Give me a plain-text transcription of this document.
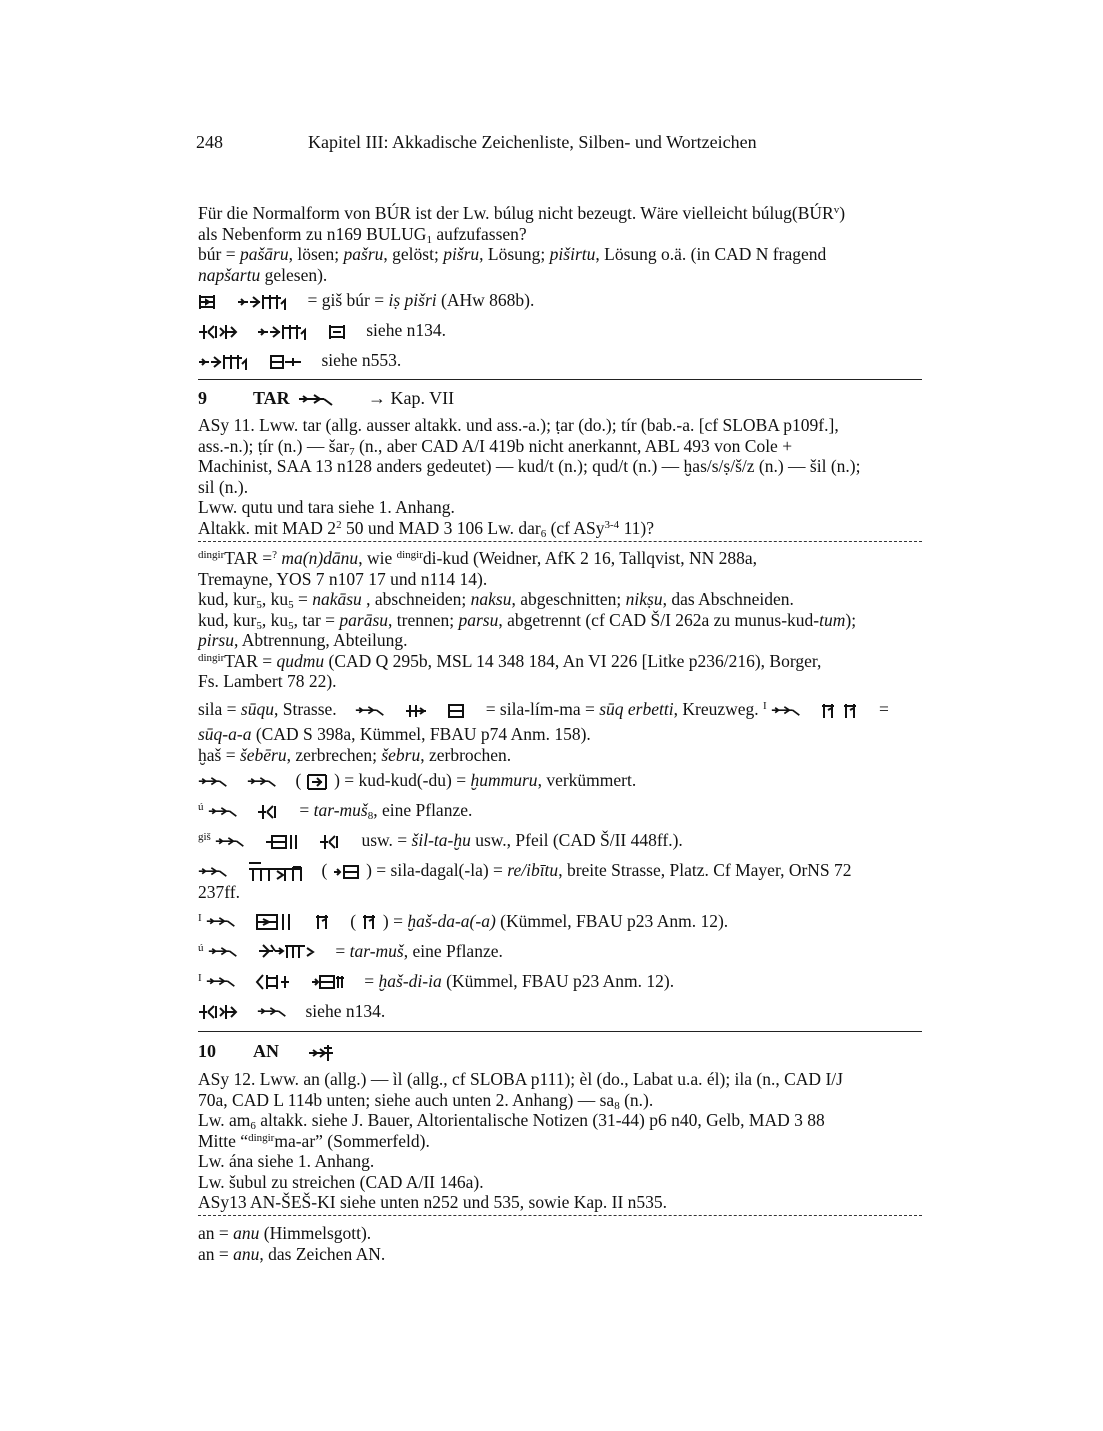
248	Kapitel III: Akkadische Zeichenliste, Silben- und Wortzeichen
Für die Normalform von BÚR ist der Lw. búlug nicht bezeugt. Wäre vielleicht búlug(BÚR$^v$)
als Nebenform zu n169 $BULUG_1$ aufzufassen?
búr = pašāru, lösen; pašru, gelöst; pišru, Lösung; piširtu, Lösung o.ä. (in CAD N fragend
napšartu gelesen).

= giš búr = iṣ pišri (AHw 868b).

siehe n134.

siehe n553.
9	TAR	→ Kap. VII
ASy 11. Lww. tar (allg. ausser altakk. und ass.-a.); ṭar (do.); tír (bab.-a. [cf SLOBA p109f.],
ass.-n.); ṭír (n.) — šar$_7$ (n., aber CAD A/I 419b nicht anerkannt, ABL 493 von Cole +
Machinist, SAA 13 n128 anders gedeutet) — kud/t (n.); qud/t (n.) — ḫas/s/ṣ/š/z (n.) — šil (n.);
sil (n.).
Lww. qutu und tara siehe 1. Anhang.
Altakk. mit MAD $2^2$ 50 und MAD 3 106 Lw. dar$_6$ (cf ASy$^{3-4}$ 11)?
$^{dingir}$TAR =? ma(n)dānu, wie $^{dingir}$di-kud (Weidner, AfK 2 16, Tallqvist, NN 288a,
Tremayne, YOS 7 n107 17 und n114 14).
kud, kur$_5$, $ku_5$ = nakāsu , abschneiden; naksu, abgeschnitten; nikṣu, das Abschneiden.
kud, kur$_5$, $ku_5$, tar = parāsu, trennen; parsu, abgetrennt (cf CAD Š/I 262a zu munus-kud-tum);
pirsu, Abtrennung, Abteilung.
$^{dingir}$TAR = qudmu (CAD Q 295b, MSL 14 348 184, An VI 226 [Litke p236/216), Borger,
Fs. Lambert 78 22).
sila = sūqu, Strasse.

	= sila-lím-ma = sūq erbetti, Kreuzweg. $^I$

	=
sūq-a-a (CAD S 398a, Kümmel, FBAU p74 Anm. 158).
ḫaš = šebēru, zerbrechen; šebru, zerbrochen.

( ) = kud-kud(-du) = ḫummuru, verkümmert.
$^ú$
	= tar-muš$_8$, eine Pflanze.
$^{giš}$

	usw. = šil-ta-ḫu usw., Pfeil (CAD Š/II 448ff.).

( ) = sila-dagal(-la) = re/ibītu, breite Strasse, Platz. Cf Mayer, OrNS 72
237ff.
$^I$

	( ) = ḫaš-da-a(-a) (Kümmel, FBAU p23 Anm. 12).
$^ú$
	= tar-muš, eine Pflanze.
$^I$

	= ḫaš-di-ia (Kümmel, FBAU p23 Anm. 12).

siehe n134.
10 AN
ASy 12. Lww. an (allg.) — ìl (allg., cf SLOBA p111); èl (do., Labat u.a. él); ila (n., CAD I/J
70a, CAD L 114b unten; siehe auch unten 2. Anhang) — $sa_8$ (n.).
Lw. $am_6$ altakk. siehe J. Bauer, Altorientalische Notizen (31-44) p6 n40, Gelb, MAD 3 88
Mitte “$^{dingir}$ma-ar” (Sommerfeld).
Lw. ána siehe 1. Anhang.
Lw. šubul zu streichen (CAD A/II 146a).
ASy13 AN-ŠEŠ-KI siehe unten n252 und 535, sowie Kap. II n535.
an = anu (Himmelsgott).
an = anu, das Zeichen AN.
